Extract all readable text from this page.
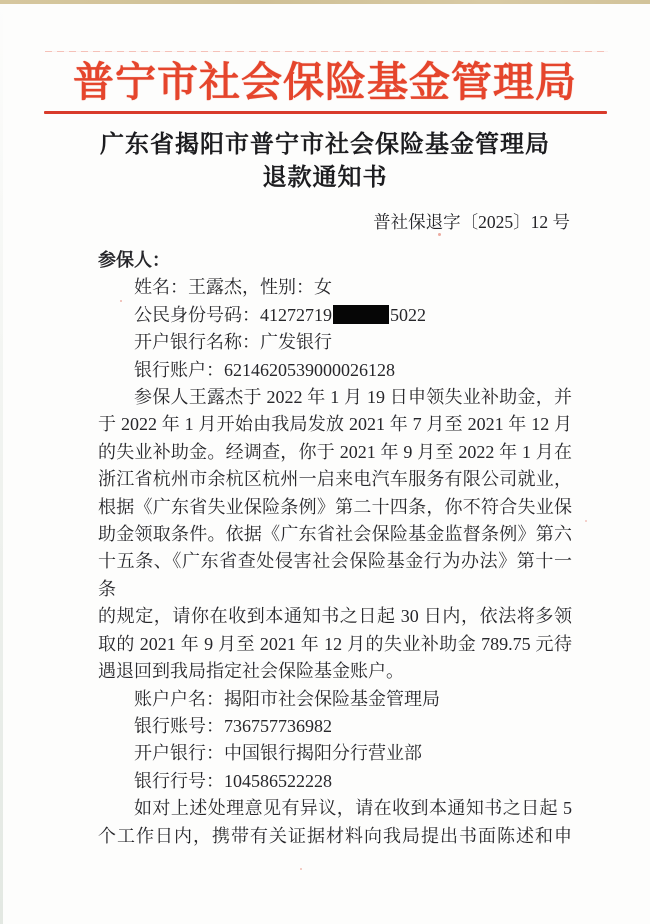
普宁市社会保险基金管理局
广东省揭阳市普宁市社会保险基金管理局
退款通知书
普社保退字〔2025〕12 号
参保人：
姓名：王露杰，性别：女
公民身份号码：41272719	5022
开户银行名称：广发银行
银行账户：6214620539000026128
参保人王露杰于 2022 年 1 月 19 日申领失业补助金，并
于 2022 年 1 月开始由我局发放 2021 年 7 月至 2021 年 12 月
的失业补助金。经调查，你于 2021 年 9 月至 2022 年 1 月在
浙江省杭州市余杭区杭州一启来电汽车服务有限公司就业，
根据《广东省失业保险条例》第二十四条，你不符合失业保
助金领取条件。依据《广东省社会保险基金监督条例》第六
十五条、《广东省查处侵害社会保险基金行为办法》第十一条
的规定，请你在收到本通知书之日起 30 日内，依法将多领
取的 2021 年 9 月至 2021 年 12 月的失业补助金 789.75 元待
遇退回到我局指定社会保险基金账户。
账户户名：揭阳市社会保险基金管理局
银行账号：736757736982
开户银行：中国银行揭阳分行营业部
银行行号：104586522228
如对上述处理意见有异议，请在收到本通知书之日起 5
个工作日内，携带有关证据材料向我局提出书面陈述和申
